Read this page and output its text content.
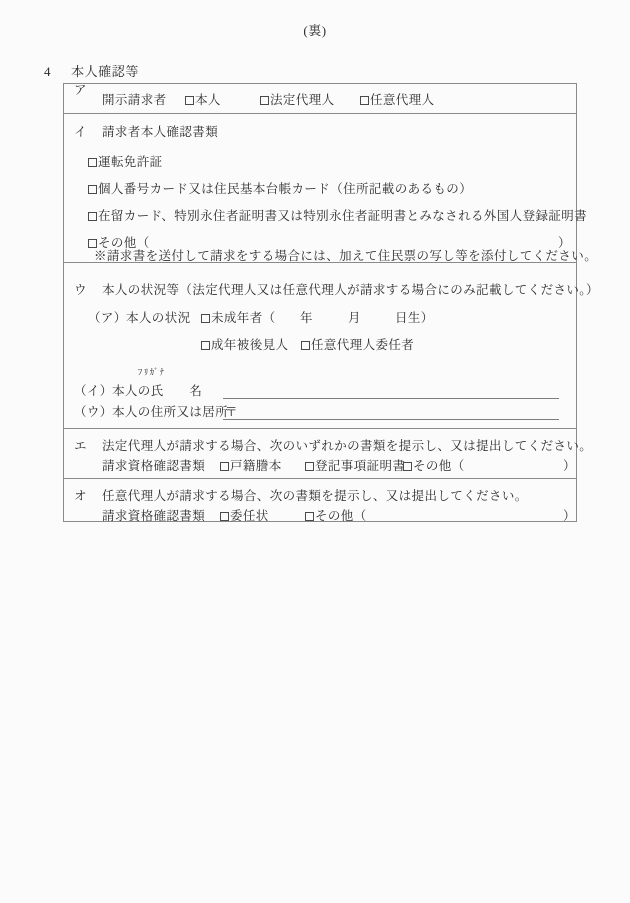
(裏)
4 本人確認等
ア
開示請求者	本人	法定代理人	任意代理人
イ 請求者本人確認書類
運転免許証
個人番号カード又は住民基本台帳カード（住所記載のあるもの）
在留カード、特別永住者証明書又は特別永住者証明書とみなされる外国人登録証明書
その他（	）
ウ 本人の状況等（法定代理人又は任意代理人が請求する場合にのみ記載してください。）
（ア） 本人の状況	未成年者（ 年	月	日生）
成年被後見人	任意代理人委任者
ﾌﾘｶﾞﾅ
（イ） 本人の氏　　名
（ウ） 本人の住所又は居所
〒
エ 法定代理人が請求する場合、次のいずれかの書類を提示し、又は提出してください。
請求資格確認書類	戸籍謄本	登記事項証明書 その他（	）
オ 任意代理人が請求する場合、次の書類を提示し、又は提出してください。
請求資格確認書類	委任状	その他（	）
※請求書を送付して請求をする場合には、加えて住民票の写し等を添付してください。
